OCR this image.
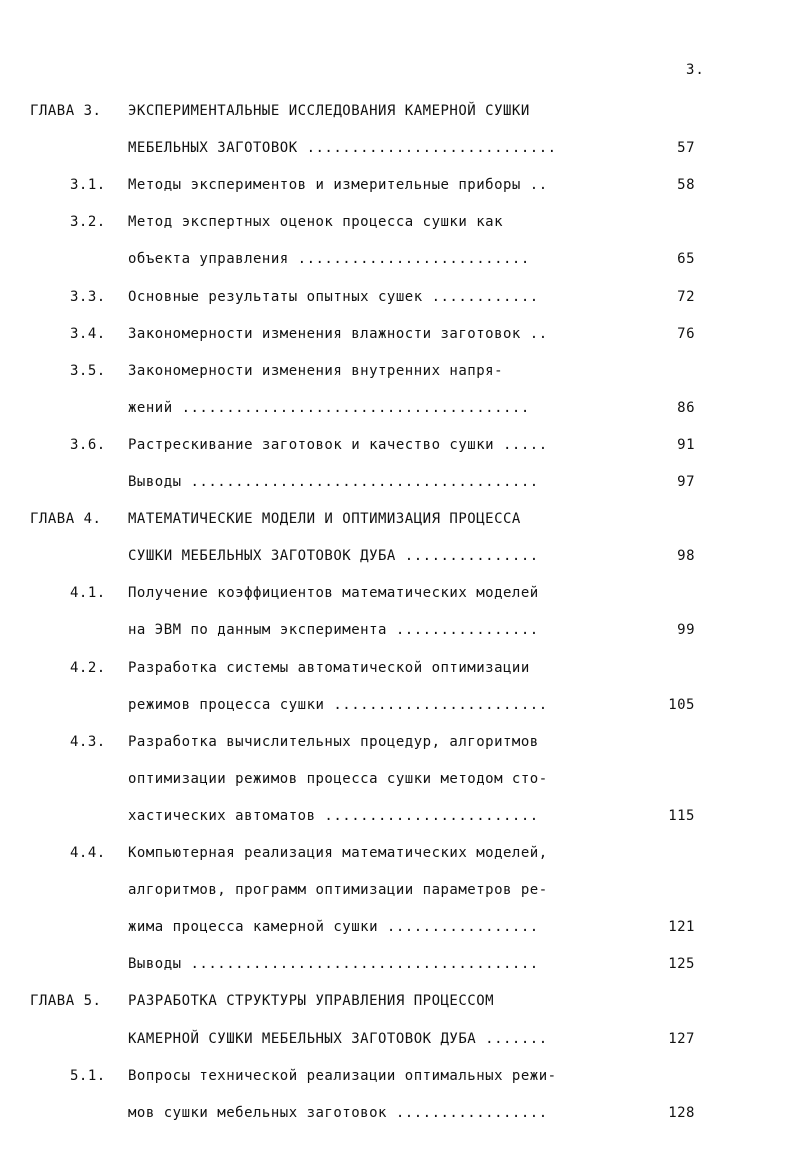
3.
ГЛАВА 3. ЭКСПЕРИМЕНТАЛЬНЫЕ ИССЛЕДОВАНИЯ КАМЕРНОЙ СУШКИ
МЕБЕЛЬНЫХ ЗАГОТОВОК ............................	57
3.1. Методы экспериментов и измерительные приборы ..	58
3.2. Метод экспертных оценок процесса сушки как
объекта управления ..........................	65
3.3. Основные результаты опытных сушек ............	72
3.4. Закономерности изменения влажности заготовок ..	76
3.5. Закономерности изменения внутренних напря-
жений .......................................	86
3.6. Растрескивание заготовок и качество сушки .....	91
Выводы .......................................	97
ГЛАВА 4. МАТЕМАТИЧЕСКИЕ МОДЕЛИ И ОПТИМИЗАЦИЯ ПРОЦЕССА
СУШКИ МЕБЕЛЬНЫХ ЗАГОТОВОК ДУБА ...............	98
4.1. Получение коэффициентов математических моделей
на ЭВМ по данным эксперимента ................	99
4.2. Разработка системы автоматической оптимизации
режимов процесса сушки ........................	105
4.3. Разработка вычислительных процедур, алгоритмов
оптимизации режимов процесса сушки методом сто-
хастических автоматов ........................	115
4.4. Компьютерная реализация математических моделей,
алгоритмов, программ оптимизации параметров ре-
жима процесса камерной сушки .................	121
Выводы .......................................	125
ГЛАВА 5. РАЗРАБОТКА СТРУКТУРЫ УПРАВЛЕНИЯ ПРОЦЕССОМ
КАМЕРНОЙ СУШКИ МЕБЕЛЬНЫХ ЗАГОТОВОК ДУБА .......	127
5.1. Вопросы технической реализации оптимальных режи-
мов сушки мебельных заготовок .................	128
